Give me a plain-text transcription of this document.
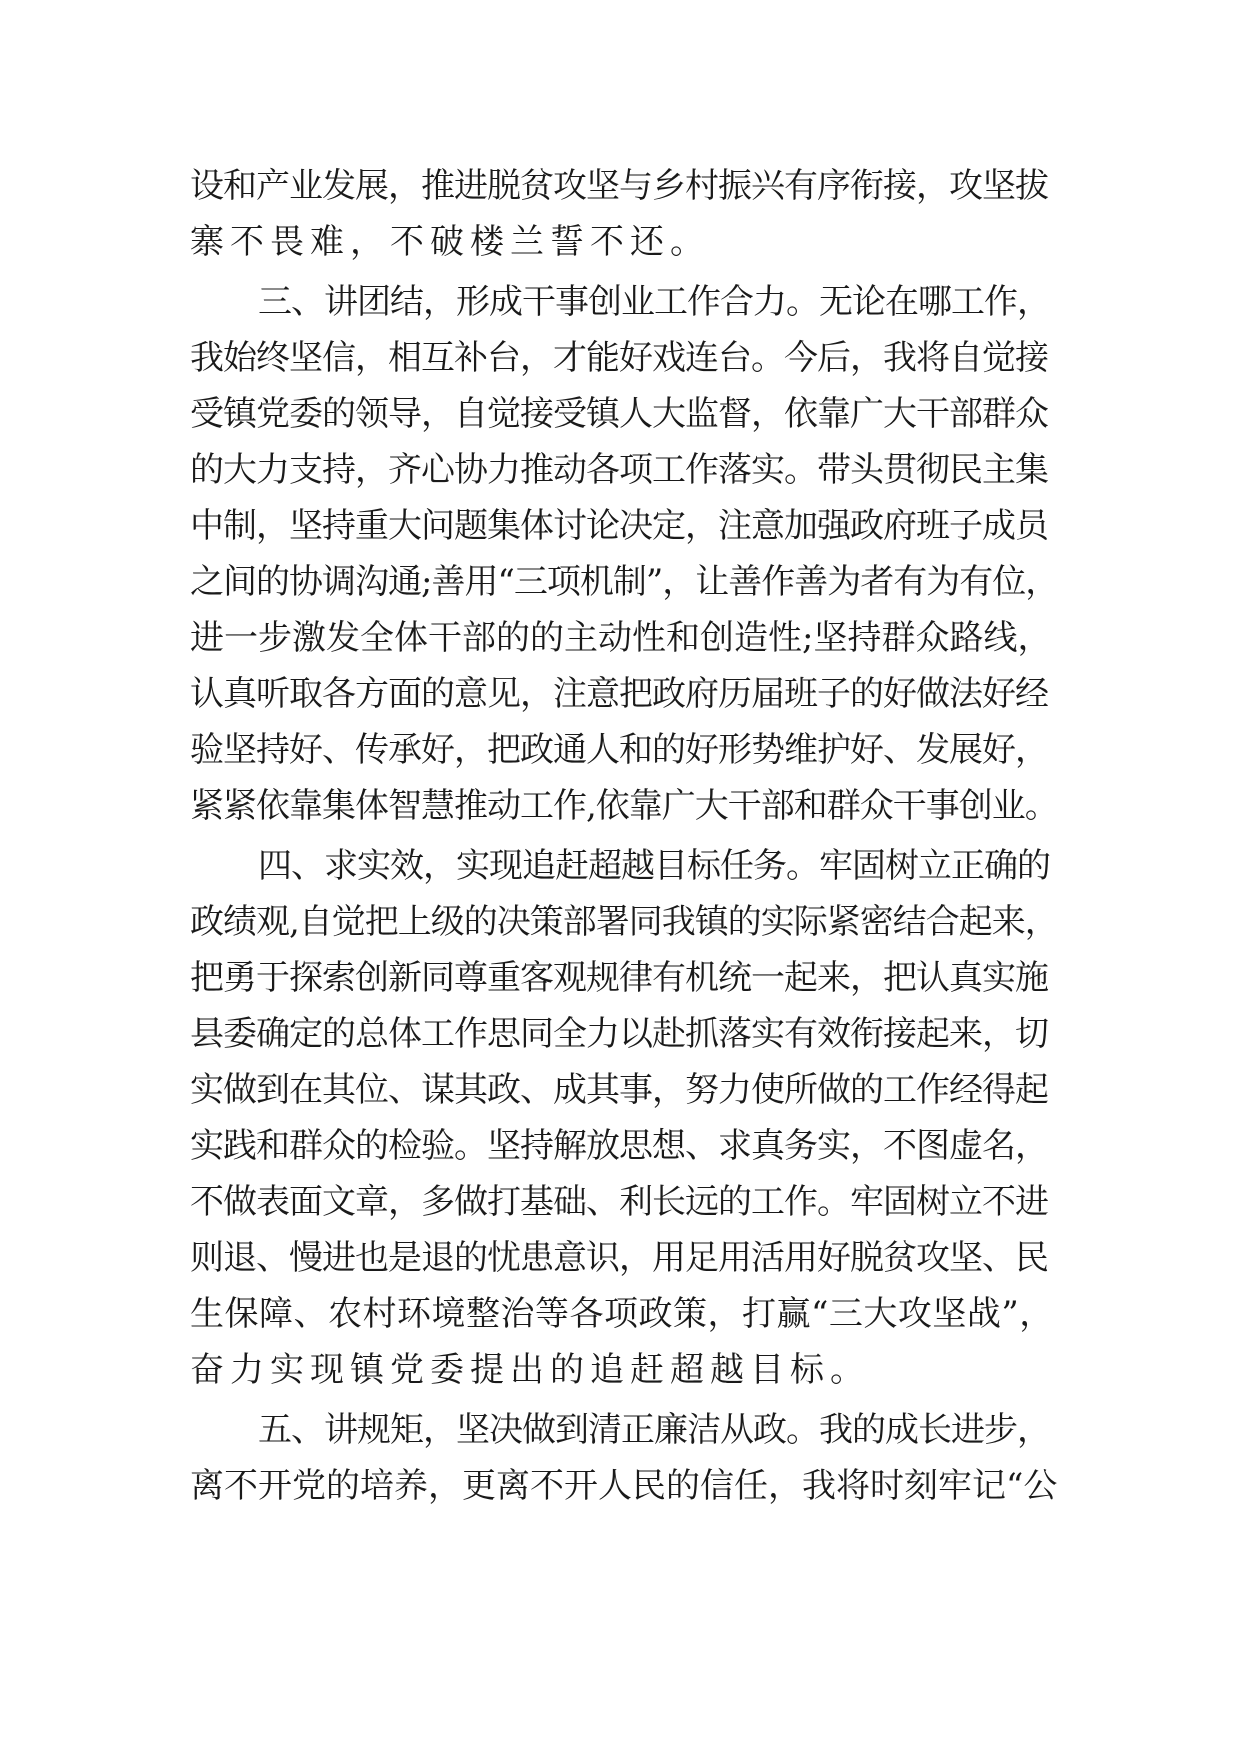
设和产业发展，推进脱贫攻坚与乡村振兴有序衔接，攻坚拔
寨不畏难，不破楼兰誓不还。
三、讲团结，形成干事创业工作合力。无论在哪工作，
我始终坚信，相互补台，才能好戏连台。今后，我将自觉接
受镇党委的领导，自觉接受镇人大监督，依靠广大干部群众
的大力支持，齐心协力推动各项工作落实。带头贯彻民主集
中制，坚持重大问题集体讨论决定，注意加强政府班子成员
之间的协调沟通;善用“三项机制”，让善作善为者有为有位，
进一步激发全体干部的的主动性和创造性;坚持群众路线，
认真听取各方面的意见，注意把政府历届班子的好做法好经
验坚持好、传承好，把政通人和的好形势维护好、发展好，
紧紧依靠集体智慧推动工作,依靠广大干部和群众干事创业。
四、求实效，实现追赶超越目标任务。牢固树立正确的
政绩观,自觉把上级的决策部署同我镇的实际紧密结合起来，
把勇于探索创新同尊重客观规律有机统一起来，把认真实施
县委确定的总体工作思同全力以赴抓落实有效衔接起来，切
实做到在其位、谋其政、成其事，努力使所做的工作经得起
实践和群众的检验。坚持解放思想、求真务实，不图虚名，
不做表面文章，多做打基础、利长远的工作。牢固树立不进
则退、慢进也是退的忧患意识，用足用活用好脱贫攻坚、民
生保障、农村环境整治等各项政策，打赢“三大攻坚战”，
奋力实现镇党委提出的追赶超越目标。
五、讲规矩，坚决做到清正廉洁从政。我的成长进步，
离不开党的培养，更离不开人民的信任，我将时刻牢记“公
